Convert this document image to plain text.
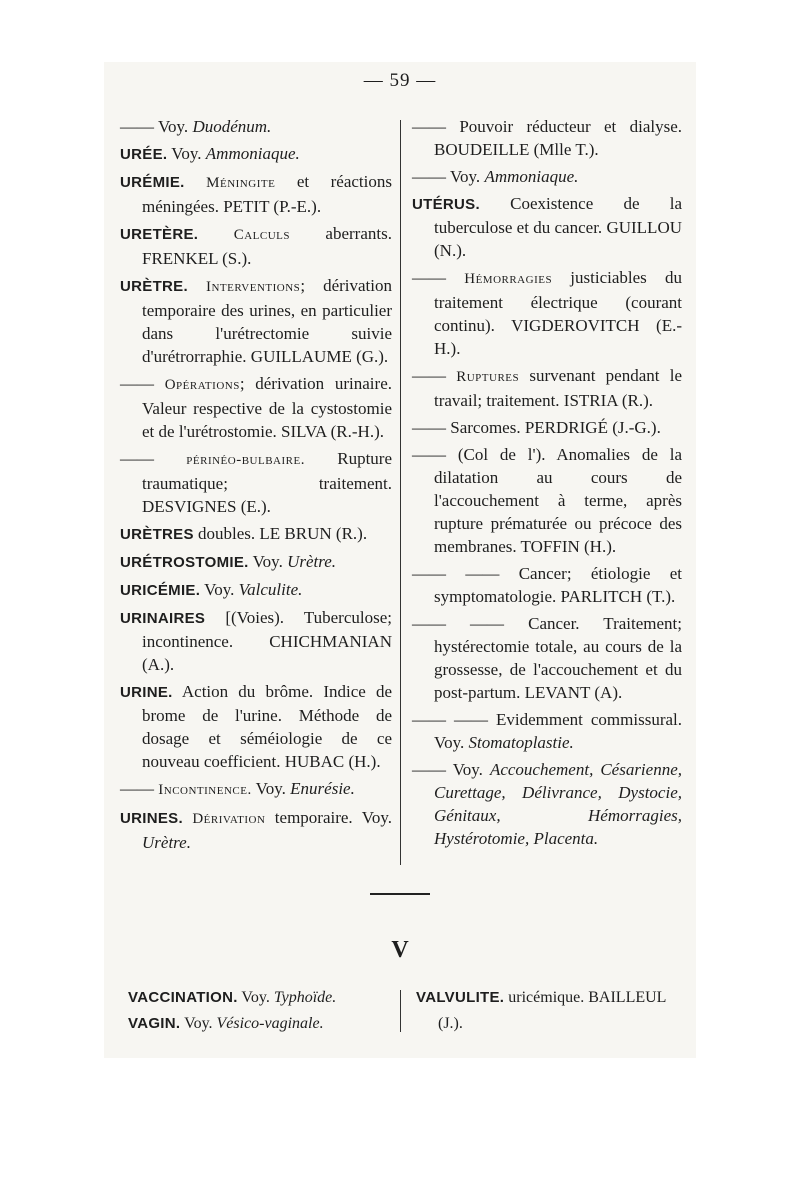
— 59 —
—— Voy. Duodénum.
URÉE. Voy. Ammoniaque.
URÉMIE. Méningite et réactions méningées. PETIT (P.-E.).
URETÈRE. Calculs aberrants. FRENKEL (S.).
URÈTRE. Interventions; dérivation temporaire des urines, en particulier dans l'urétrectomie suivie d'urétrorraphie. GUILLAUME (G.).
—— Opérations; dérivation urinaire. Valeur respective de la cystostomie et de l'urétrostomie. SILVA (R.-H.).
—— périnéo-bulbaire. Rupture traumatique; traitement. DESVIGNES (E.).
URÈTRES doubles. LE BRUN (R.).
URÉTROSTOMIE. Voy. Urètre.
URICÉMIE. Voy. Valculite.
URINAIRES [(Voies). Tuberculose; incontinence. CHICHMANIAN (A.).
URINE. Action du brôme. Indice de brome de l'urine. Méthode de dosage et séméiologie de ce nouveau coefficient. HUBAC (H.).
—— Incontinence. Voy. Enurésie.
URINES. Dérivation temporaire. Voy. Urètre.
—— Pouvoir réducteur et dialyse. BOUDEILLE (Mlle T.).
—— Voy. Ammoniaque.
UTÉRUS. Coexistence de la tuberculose et du cancer. GUILLOU (N.).
—— Hémorragies justiciables du traitement électrique (courant continu). VIGDEROVITCH (E.-H.).
—— Ruptures survenant pendant le travail; traitement. ISTRIA (R.).
—— Sarcomes. PERDRIGÉ (J.-G.).
—— (Col de l'). Anomalies de la dilatation au cours de l'accouchement à terme, après rupture prématurée ou précoce des membranes. TOFFIN (H.).
—— —— Cancer; étiologie et symptomatologie. PARLITCH (T.).
—— —— Cancer. Traitement; hystérectomie totale, au cours de la grossesse, de l'accouchement et du post-partum. LEVANT (A).
—— —— Evidemment commissural. Voy. Stomatoplastie.
—— Voy. Accouchement, Césarienne, Curettage, Délivrance, Dystocie, Génitaux, Hémorragies, Hystérotomie, Placenta.
V
VACCINATION. Voy. Typhoïde.
VAGIN. Voy. Vésico-vaginale.
VALVULITE. uricémique. BAILLEUL (J.).
